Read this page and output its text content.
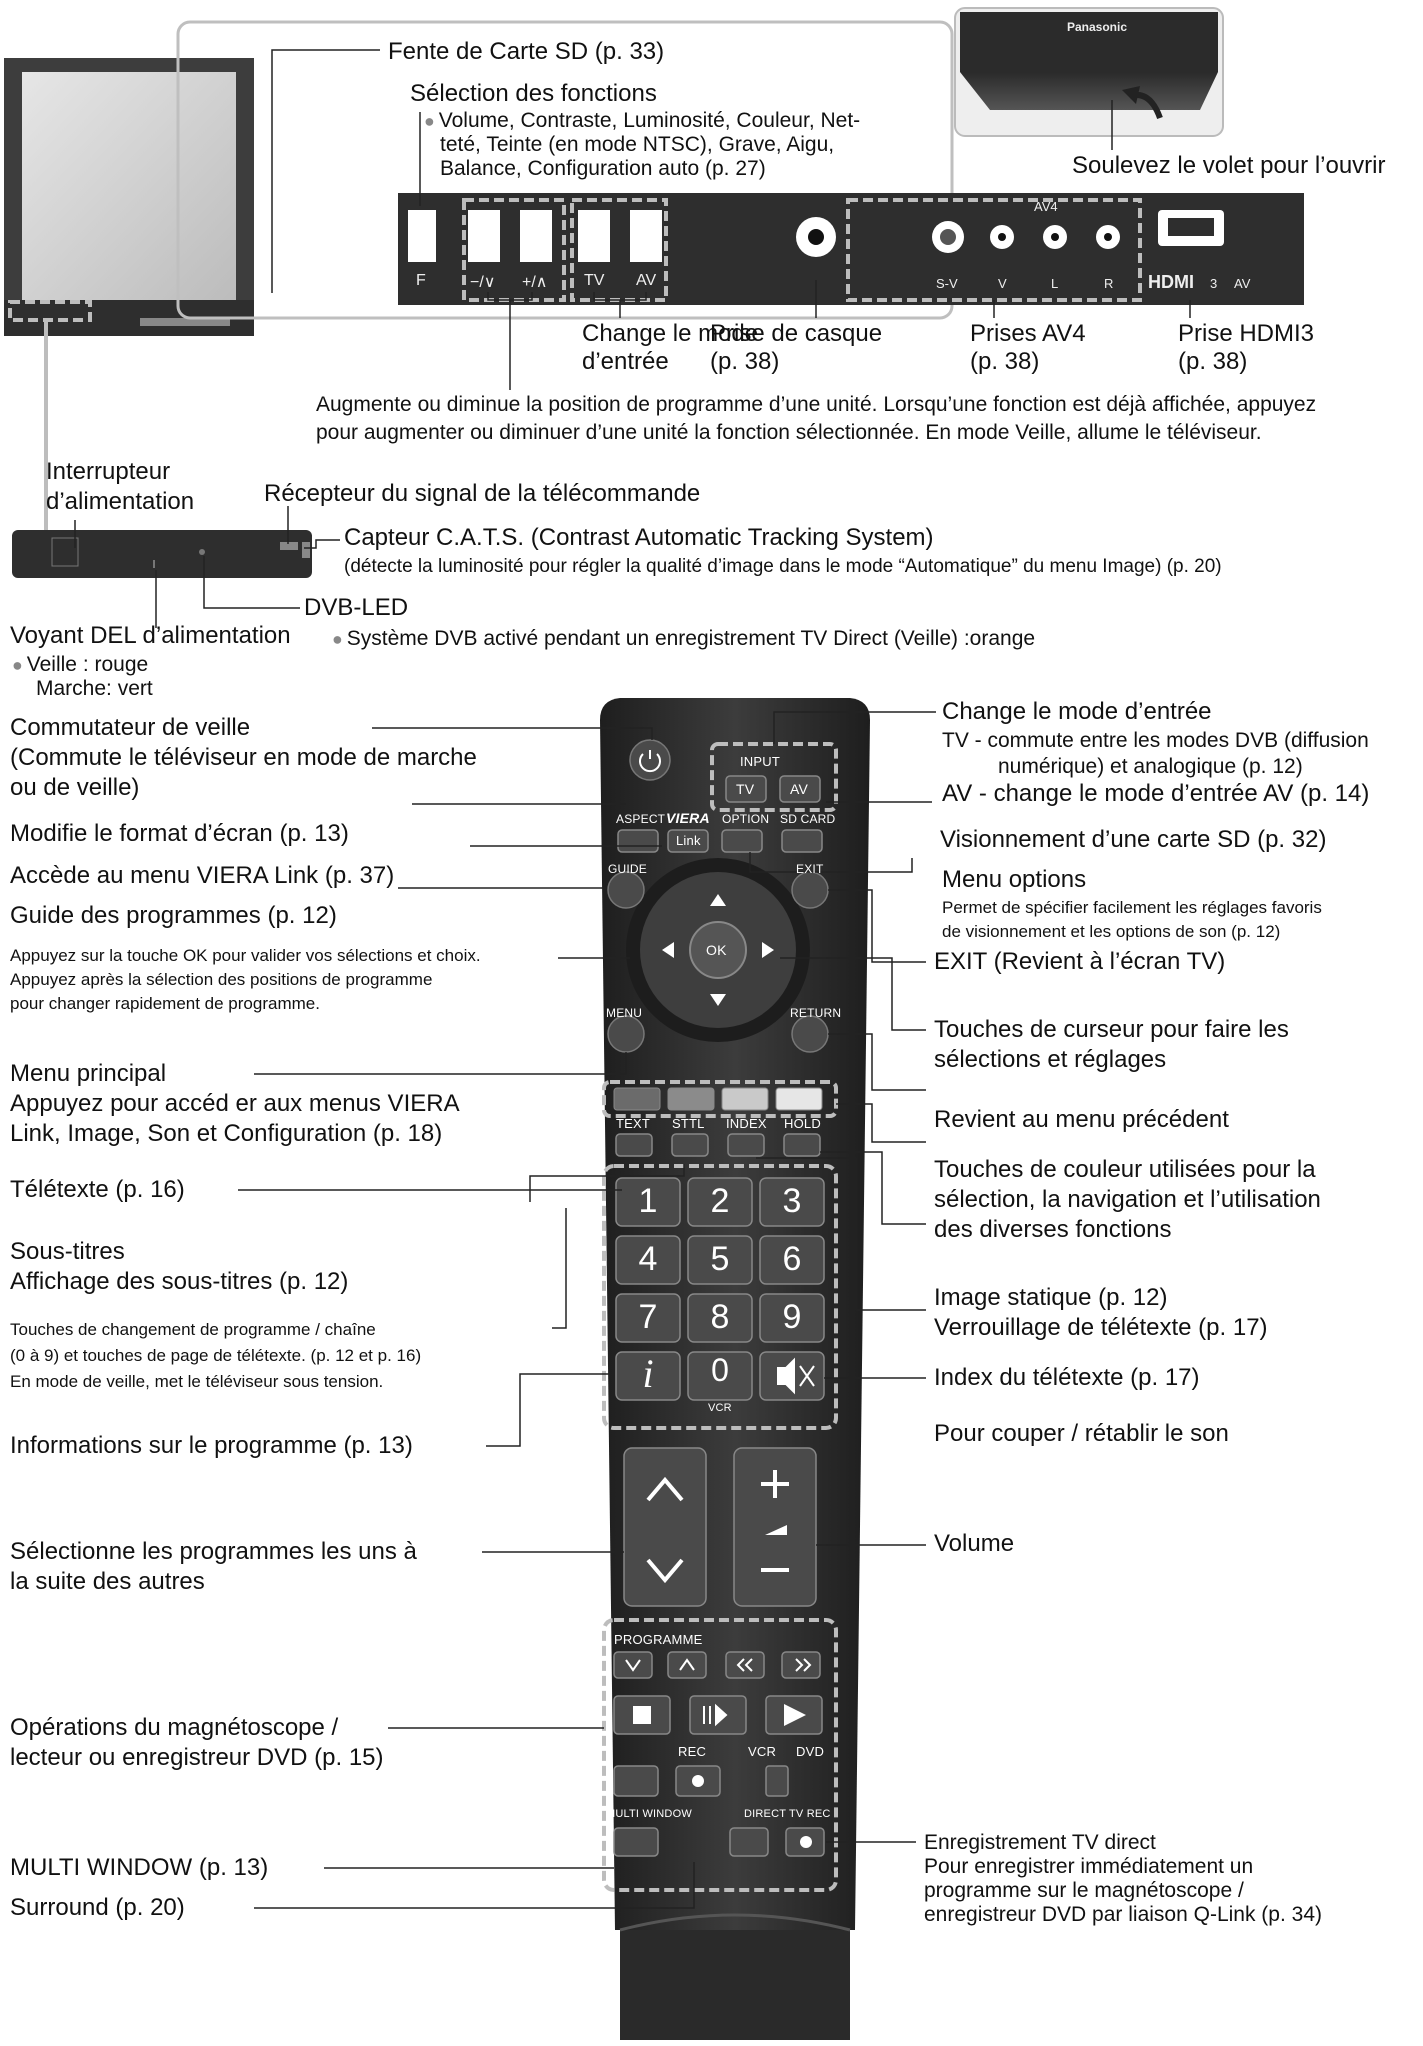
Fente de Carte SD (p. 33)

Sélection des fonctions

● Volume, Contraste, Luminosité, Couleur, Net-

teté, Teinte (en mode NTSC), Grave, Aigu,

Balance, Configuration auto (p. 27)	Soulevez le volet pour l’ouvrir

Panasonic
F	−/∨ +/∧ TV AV
AV4
S-V	V	L	R HDMI 3 AV

Change le mode

d’entrée

Prise de casque

(p. 38)

Prises AV4

(p. 38)

Prise HDMI3

(p. 38)

Augmente ou diminue la position de programme d’une unité. Lorsqu’une fonction est déjà affichée, appuyez

pour augmenter ou diminuer d’une unité la fonction sélectionnée. En mode Veille, allume le téléviseur.

Interrupteur

d’alimentation	Récepteur du signal de la télécommande

Capteur C.A.T.S. (Contrast Automatic Tracking System)

(détecte la luminosité pour régler la qualité d’image dans le mode “Automatique” du menu Image) (p. 20)

DVB-LED

● Système DVB activé pendant un enregistrement TV Direct (Veille) :orange

Voyant DEL d’alimentation

● Veille : rouge

Marche: vert

INPUT
TV	AV
ASPECT VIERA
Link
OPTION SD CARD
GUIDE	EXIT
OK
MENU	RETURN
TEXT STTL INDEX HOLD
1	2	3
4	5	6
7	8	9
i	0
VCR
PROGRAMME
REC	VCR DVD
MULTI WINDOW	DIRECT TV REC

Commutateur de veille

(Commute le téléviseur en mode de marche

ou de veille)

Modifie le format d’écran (p. 13)

Accède au menu VIERA Link (p. 37)

Guide des programmes (p. 12)

Appuyez sur la touche OK pour valider vos sélections et choix.

Appuyez après la sélection des positions de programme

pour changer rapidement de programme.

Menu principal

Appuyez pour accéd er aux menus VIERA

Link, Image, Son et Configuration (p. 18)

Télétexte (p. 16)

Sous-titres

Affichage des sous-titres (p. 12)

Touches de changement de programme / chaîne

(0 à 9) et touches de page de télétexte. (p. 12 et p. 16)

En mode de veille, met le téléviseur sous tension.

Informations sur le programme (p. 13)

Sélectionne les programmes les uns à

la suite des autres

Opérations du magnétoscope /

lecteur ou enregistreur DVD (p. 15)

MULTI WINDOW (p. 13)

Surround (p. 20)

Change le mode d’entrée

TV - commute entre les modes DVB (diffusion

numérique) et analogique (p. 12)

AV - change le mode d’entrée AV (p. 14)

Visionnement d’une carte SD (p. 32)

Menu options

Permet de spécifier facilement les réglages favoris

de visionnement et les options de son (p. 12)

EXIT (Revient à l’écran TV)

Touches de curseur pour faire les

sélections et réglages

Revient au menu précédent

Touches de couleur utilisées pour la

sélection, la navigation et l’utilisation

des diverses fonctions

Image statique (p. 12)

Verrouillage de télétexte (p. 17)

Index du télétexte (p. 17)

Pour couper / rétablir le son

Volume

Enregistrement TV direct

Pour enregistrer immédiatement un

programme sur le magnétoscope /

enregistreur DVD par liaison Q-Link (p. 34)
